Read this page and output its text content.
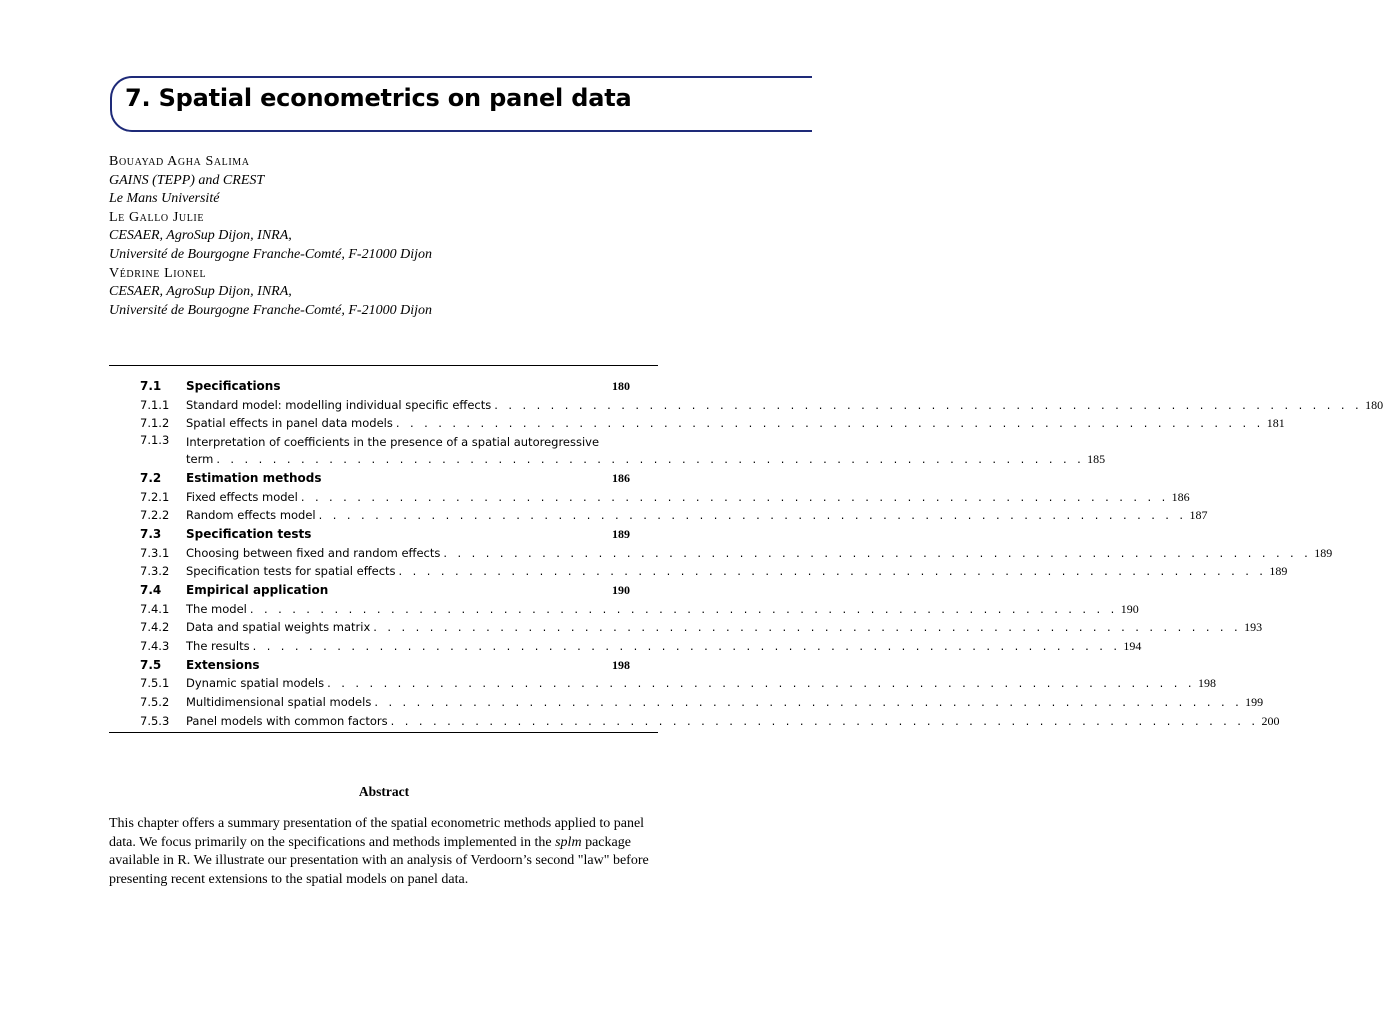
7. Spatial econometrics on panel data
Bouayad Agha Salima
GAINS (TEPP) and CREST
Le Mans Université
Le Gallo Julie
CESAER, AgroSup Dijon, INRA,
Université de Bourgogne Franche-Comté, F-21000 Dijon
Védrine Lionel
CESAER, AgroSup Dijon, INRA,
Université de Bourgogne Franche-Comté, F-21000 Dijon
7.1 Specifications	180
7.1.1 Standard model: modelling individual specific effects . . . . . . . . . . . . . . . . . . . . . . . . . . . . . . . . . . . . . . . . . . . . . . . . . . . . . . . . . . . . . . 180
7.1.2 Spatial effects in panel data models . . . . . . . . . . . . . . . . . . . . . . . . . . . . . . . . . . . . . . . . . . . . . . . . . . . . . . . . . . . . . . 181
7.1.3 Interpretation of coefficients in the presence of a spatial autoregressive
term . . . . . . . . . . . . . . . . . . . . . . . . . . . . . . . . . . . . . . . . . . . . . . . . . . . . . . . . . . . . . . 185
7.2 Estimation methods	186
7.2.1 Fixed effects model . . . . . . . . . . . . . . . . . . . . . . . . . . . . . . . . . . . . . . . . . . . . . . . . . . . . . . . . . . . . . . 186
7.2.2 Random effects model . . . . . . . . . . . . . . . . . . . . . . . . . . . . . . . . . . . . . . . . . . . . . . . . . . . . . . . . . . . . . . 187
7.3 Specification tests	189
7.3.1 Choosing between fixed and random effects . . . . . . . . . . . . . . . . . . . . . . . . . . . . . . . . . . . . . . . . . . . . . . . . . . . . . . . . . . . . . . 189
7.3.2 Specification tests for spatial effects . . . . . . . . . . . . . . . . . . . . . . . . . . . . . . . . . . . . . . . . . . . . . . . . . . . . . . . . . . . . . . 189
7.4 Empirical application	190
7.4.1 The model . . . . . . . . . . . . . . . . . . . . . . . . . . . . . . . . . . . . . . . . . . . . . . . . . . . . . . . . . . . . . . 190
7.4.2 Data and spatial weights matrix . . . . . . . . . . . . . . . . . . . . . . . . . . . . . . . . . . . . . . . . . . . . . . . . . . . . . . . . . . . . . . 193
7.4.3 The results . . . . . . . . . . . . . . . . . . . . . . . . . . . . . . . . . . . . . . . . . . . . . . . . . . . . . . . . . . . . . . 194
7.5 Extensions	198
7.5.1 Dynamic spatial models . . . . . . . . . . . . . . . . . . . . . . . . . . . . . . . . . . . . . . . . . . . . . . . . . . . . . . . . . . . . . . 198
7.5.2 Multidimensional spatial models . . . . . . . . . . . . . . . . . . . . . . . . . . . . . . . . . . . . . . . . . . . . . . . . . . . . . . . . . . . . . . 199
7.5.3 Panel models with common factors . . . . . . . . . . . . . . . . . . . . . . . . . . . . . . . . . . . . . . . . . . . . . . . . . . . . . . . . . . . . . . 200
Abstract
This chapter offers a summary presentation of the spatial econometric methods applied to panel
data. We focus primarily on the specifications and methods implemented in the splm package
available in R. We illustrate our presentation with an analysis of Verdoorn’s second "law" before
presenting recent extensions to the spatial models on panel data.
